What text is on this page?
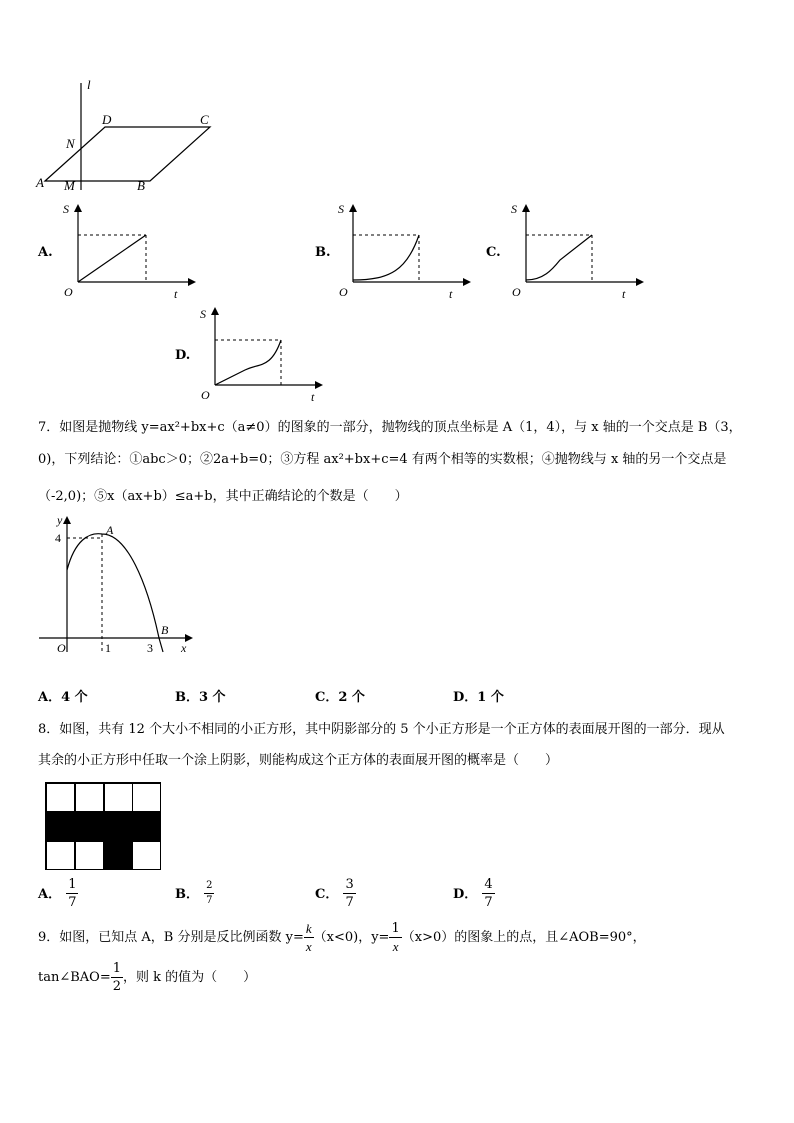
l
D	C
N
A M	B
A.
S
O	t
B.
S
O	t
C.
S
O	t
D.
S
O	t
7．如图是抛物线 y=ax²+bx+c（a≠0）的图象的一部分，抛物线的顶点坐标是 A（1，4），与 x 轴的一个交点是 B（3，
0)，下列结论：①abc＞0；②2a+b=0；③方程 ax²+bx+c=4 有两个相等的实数根；④抛物线与 x 轴的另一个交点是
（-2,0)；⑤x（ax+b）≤a+b，其中正确结论的个数是（　　）
y
4
A
B
O	1	3 x
A．4 个	B．3 个	C．2 个	D．1 个
8．如图，共有 12 个大小不相同的小正方形，其中阴影部分的 5 个小正方形是一个正方体的表面展开图的一部分．现从
其余的小正方形中任取一个涂上阴影，则能构成这个正方体的表面展开图的概率是（　　）
A． $\frac{1}{7}$	B． $\frac{2}{7}$	C． $\frac{3}{7}$	D． $\frac{4}{7}$
9．如图，已知点 A，B 分别是反比例函数 $y= \frac{k}{x} (x<0)$，$y= \frac{1}{x} (x>0)$的图象上的点，且∠AOB=90°，
tan∠BAO= $\frac{1}{2}$ ，则 k 的值为（　　）
